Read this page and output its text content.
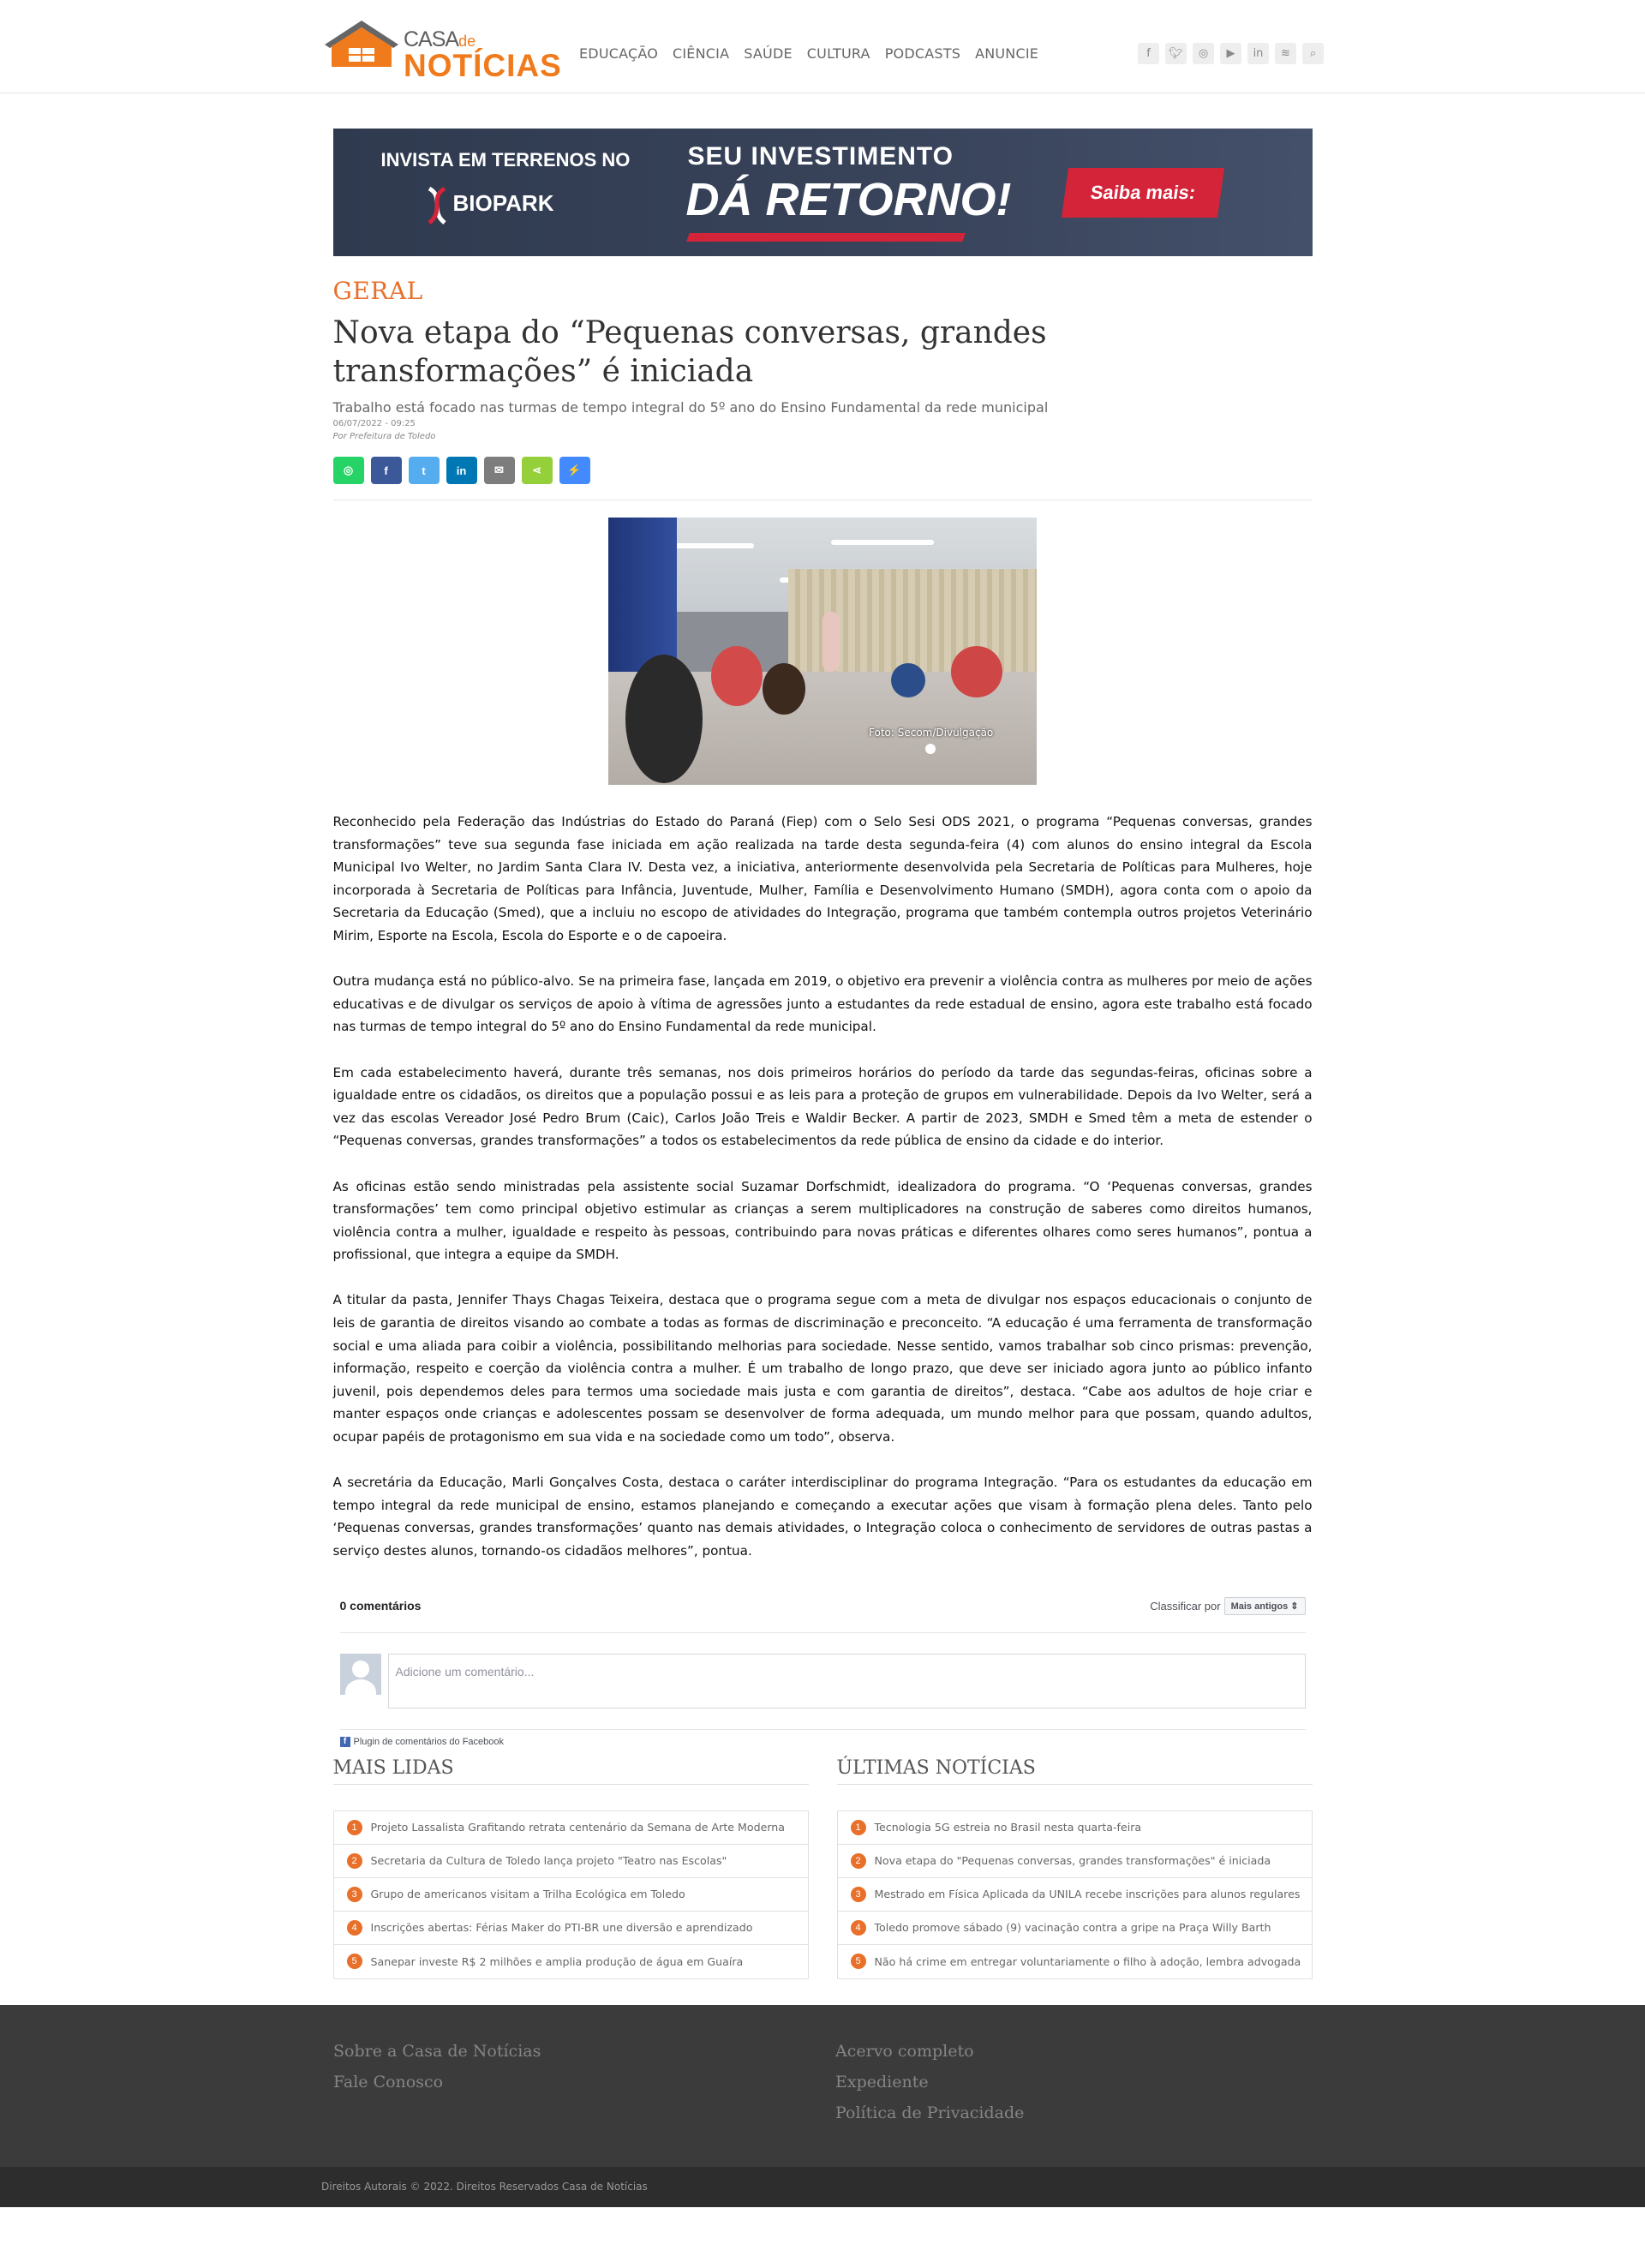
CASAde
NOTÍCIAS EDUCAÇÃO CIÊNCIA SAÚDE CULTURA PODCASTS ANUNCIE	f	🐦︎	◎	▶	in	≋	⌕
INVISTA EM TERRENOS NO
BIOPARK
SEU INVESTIMENTO
DÁ RETORNO!	Saiba mais:
GERAL
Nova etapa do “Pequenas conversas, grandes transformações” é iniciada
Trabalho está focado nas turmas de tempo integral do 5º ano do Ensino Fundamental da rede municipal
06/07/2022 - 09:25
Por Prefeitura de Toledo
◎	f	t	in	✉	⋖	⚡
Foto: Secom/Divulgação

Reconhecido pela Federação das Indústrias do Estado do Paraná (Fiep) com o Selo Sesi ODS 2021, o programa “Pequenas conversas, grandes transformações” teve sua segunda fase iniciada em ação realizada na tarde desta segunda-feira (4) com alunos do ensino integral da Escola Municipal Ivo Welter, no Jardim Santa Clara IV. Desta vez, a iniciativa, anteriormente desenvolvida pela Secretaria de Políticas para Mulheres, hoje incorporada à Secretaria de Políticas para Infância, Juventude, Mulher, Família e Desenvolvimento Humano (SMDH), agora conta com o apoio da Secretaria da Educação (Smed), que a incluiu no escopo de atividades do Integração, programa que também contempla outros projetos Veterinário Mirim, Esporte na Escola, Escola do Esporte e o de capoeira.

Outra mudança está no público-alvo. Se na primeira fase, lançada em 2019, o objetivo era prevenir a violência contra as mulheres por meio de ações educativas e de divulgar os serviços de apoio à vítima de agressões junto a estudantes da rede estadual de ensino, agora este trabalho está focado nas turmas de tempo integral do 5º ano do Ensino Fundamental da rede municipal.

Em cada estabelecimento haverá, durante três semanas, nos dois primeiros horários do período da tarde das segundas-feiras, oficinas sobre a igualdade entre os cidadãos, os direitos que a população possui e as leis para a proteção de grupos em vulnerabilidade. Depois da Ivo Welter, será a vez das escolas Vereador José Pedro Brum (Caic), Carlos João Treis e Waldir Becker. A partir de 2023, SMDH e Smed têm a meta de estender o “Pequenas conversas, grandes transformações” a todos os estabelecimentos da rede pública de ensino da cidade e do interior.

As oficinas estão sendo ministradas pela assistente social Suzamar Dorfschmidt, idealizadora do programa. “O ‘Pequenas conversas, grandes transformações’ tem como principal objetivo estimular as crianças a serem multiplicadores na construção de saberes como direitos humanos, violência contra a mulher, igualdade e respeito às pessoas, contribuindo para novas práticas e diferentes olhares como seres humanos”, pontua a profissional, que integra a equipe da SMDH.

A titular da pasta, Jennifer Thays Chagas Teixeira, destaca que o programa segue com a meta de divulgar nos espaços educacionais o conjunto de leis de garantia de direitos visando ao combate a todas as formas de discriminação e preconceito. “A educação é uma ferramenta de transformação social e uma aliada para coibir a violência, possibilitando melhorias para sociedade. Nesse sentido, vamos trabalhar sob cinco prismas: prevenção, informação, respeito e coerção da violência contra a mulher. É um trabalho de longo prazo, que deve ser iniciado agora junto ao público infanto juvenil, pois dependemos deles para termos uma sociedade mais justa e com garantia de direitos”, destaca. “Cabe aos adultos de hoje criar e manter espaços onde crianças e adolescentes possam se desenvolver de forma adequada, um mundo melhor para que possam, quando adultos, ocupar papéis de protagonismo em sua vida e na sociedade como um todo”, observa.

A secretária da Educação, Marli Gonçalves Costa, destaca o caráter interdisciplinar do programa Integração. “Para os estudantes da educação em tempo integral da rede municipal de ensino, estamos planejando e começando a executar ações que visam à formação plena deles. Tanto pelo ‘Pequenas conversas, grandes transformações’ quanto nas demais atividades, o Integração coloca o conhecimento de servidores de outras pastas a serviço destes alunos, tornando-os cidadãos melhores”, pontua.

0 comentários	Classificar por	Mais antigos ⇕
Adicione um comentário...
f Plugin de comentários do Facebook
MAIS LIDAS
1	Projeto Lassalista Grafitando retrata centenário da Semana de Arte Moderna
2	Secretaria da Cultura de Toledo lança projeto "Teatro nas Escolas"
3	Grupo de americanos visitam a Trilha Ecológica em Toledo
4	Inscrições abertas: Férias Maker do PTI-BR une diversão e aprendizado
5	Sanepar investe R$ 2 milhões e amplia produção de água em Guaíra
ÚLTIMAS NOTÍCIAS
1	Tecnologia 5G estreia no Brasil nesta quarta-feira
2	Nova etapa do "Pequenas conversas, grandes transformações" é iniciada
3	Mestrado em Física Aplicada da UNILA recebe inscrições para alunos regulares
4	Toledo promove sábado (9) vacinação contra a gripe na Praça Willy Barth
5	Não há crime em entregar voluntariamente o filho à adoção, lembra advogada
Sobre a Casa de Notícias
Fale Conosco
Acervo completo
Expediente
Política de Privacidade
Direitos Autorais © 2022. Direitos Reservados Casa de Notícias
